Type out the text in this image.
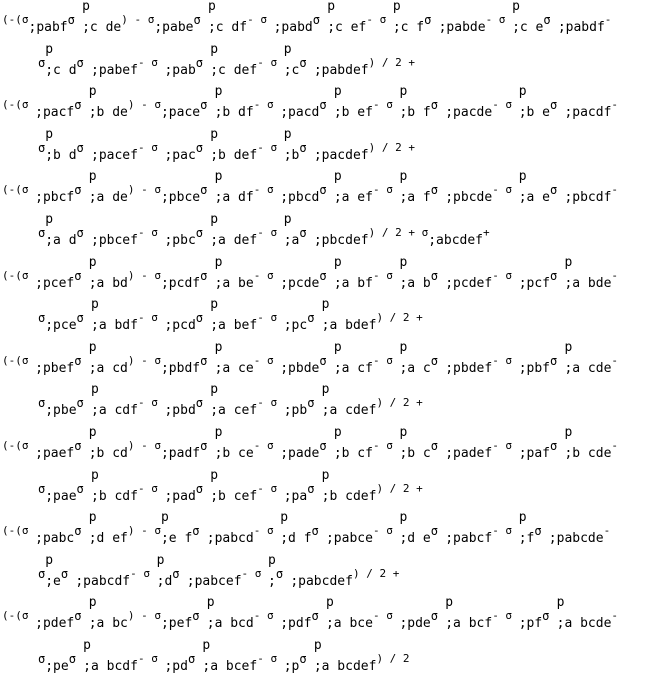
(-(σ
;pabf σ
p
;c de
) - σ
;pabe σ
p
;c df
- σ
;pabd σ
p
;c ef
- σ
p
;c f σ ;pabde
- σ
p
;c e σ ;pabdf
-
σ
p
;c d σ ;pabef
- σ
;pab σ
p
;c def
- σ
p
;c σ ;pabdef
) / 2 +
(-(σ
;pacf σ
p
;b de
) - σ
;pace σ
p
;b df
- σ
;pacd σ
p
;b ef
- σ
p
;b f σ ;pacde
- σ
p
;b e σ ;pacdf
-
σ
p
;b d σ ;pacef
- σ
;pac σ
p
;b def
- σ
p
;b σ ;pacdef
) / 2 +
(-(σ
;pbcf σ
p
;a de
) - σ
;pbce σ
p
;a df
- σ
;pbcd σ
p
;a ef
- σ
p
;a f σ ;pbcde
- σ
p
;a e σ ;pbcdf
-
σ
p
;a d σ ;pbcef
- σ
;pbc σ
p
;a def
- σ
p
;a σ ;pbcdef
) / 2 + σ
;abcdef
+
(-(σ
;pcef σ
p
;a bd
) - σ
;pcdf σ
p
;a be
- σ
;pcde σ
p
;a bf
- σ
p
;a b σ ;pcdef
- σ
;pcf σ
p
;a bde
-
σ ;pce σ
p
;a bdf
- σ
;pcd σ
p
;a bef
- σ
;pc σ
p
;a bdef
) / 2 +
(-(σ
;pbef σ
p
;a cd
) - σ
;pbdf σ
p
;a ce
- σ
;pbde σ
p
;a cf
- σ
p
;a c σ ;pbdef
- σ
;pbf σ
p
;a cde
-
σ ;pbe σ
p
;a cdf
- σ
;pbd σ
p
;a cef
- σ
;pb σ
p
;a cdef
) / 2 +
(-(σ
;paef σ
p
;b cd
) - σ
;padf σ
p
;b ce
- σ
;pade σ
p
;b cf
- σ
p
;b c σ ;padef
- σ
;paf σ
p
;b cde
-
σ ;pae σ
p
;b cdf
- σ
;pad σ
p
;b cef
- σ
;pa σ
p
;b cdef
) / 2 +
(-(σ
;pabc σ
p
;d ef
) - σ
p
;e f σ ;pabcd
- σ
p
;d f σ ;pabce
- σ
p
;d e σ ;pabcf
- σ
p
;f σ ;pabcde
-
σ
p
;e σ ;pabcdf
- σ
p
;d σ ;pabcef
- σ
p
; σ ;pabcdef
) / 2 +
(-(σ
;pdef σ
p
;a bc
) - σ
;pef σ
p
;a bcd
- σ
;pdf σ
p
;a bce
- σ
;pde σ
p
;a bcf
- σ
;pf σ
p
;a bcde
-
σ ;pe σ
p
;a bcdf
- σ
;pd σ
p
;a bcef
- σ
;p σ
p
;a bcdef
) / 2
